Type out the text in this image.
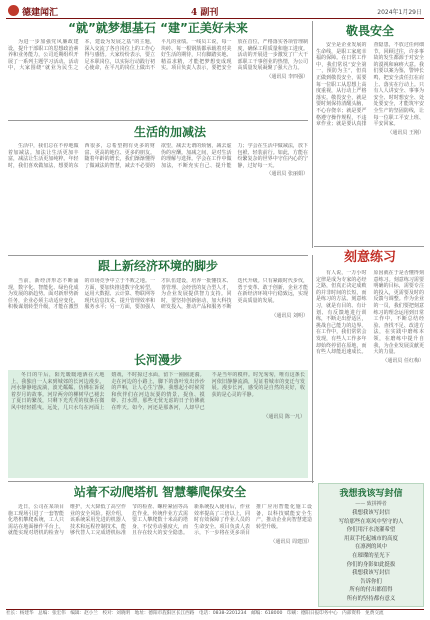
德建闻汇	4 副刊	2024年1月29日
“就”就梦想基石 “建”正美好未来

为进一步加强党风廉政建设，提升干部职工的思想政治素养和业务能力，公司近期组织开展了一系列主题学习活动。活动中，大家围绕“就业为民生之本，建设为发展之基”的主题，深入交流了各自岗位上的工作心得与感悟。大家纷纷表示，要立足本职岗位，以实际行动践行初心使命，在平凡的岗位上做出不平凡的业绩。一线员工说，每一块砖、每一根钢筋都承载着对美好生活的期待，只有脚踏实地、精益求精，才能把梦想变成现实。项目负责人表示，要把安全放在首位，严格落实各项管理制度，确保工程质量和施工进度。活动的开展进一步激发了广大干部职工干事创业的热情，为公司高质量发展凝聚了强大合力。

（通讯员 李四强）
敬畏安全

安全是企业发展的生命线，是职工家庭幸福的保障。在日常工作中，我们常说“安全第一，预防为主”，但真正做到敬畏安全，需要每一位职工从思想上高度重视，从行动上严格落实。敬畏安全，就是要时刻保持清醒头脑，不心存侥幸；就是要严格遵守操作规程，不违章作业；就是要认真排查隐患，不放过任何细节。回顾过往，许多事故的发生都源于对安全的漠视和麻痹大意。我们要以案为鉴，警钟长鸣，把安全责任扛在肩上、落实在行动上。只有人人讲安全、事事为安全、时时想安全、处处要安全，才能筑牢安全生产的坚固防线，让每一位职工平安上班、平安回家。

（通讯员 王刚）
生活的加减法

生活中，我们总在不停地做着加减法。加法让生活更加丰富，减法让生活更加纯粹。年轻时，我们喜欢做加法，想要的东西很多，总希望拥有更多的财富、更高的地位、更多的朋友。随着年龄的增长，我们渐渐懂得了做减法的智慧，减去不必要的欲望，减去无谓的烦恼，减去虚伪的应酬。加减之间，是对生活的理解与选择。学会在工作中做加法，不断充实自己、提升能力；学会在生活中做减法，放下包袱、轻装前行。如此，方能在纷繁复杂的世界中守住内心的宁静，过好每一天。

（通讯员 张丽娟）
刻意练习

有人说，一万小时定律是成为专家的必经之路，但真正决定成败的并非时间的长短，而是练习的方法。刻意练习，就是有目的、有计划、有反馈地进行训练，不断走出舒适区，挑战自己能力的边界。在工作中，我们常常会发现，有些人工作多年却始终停留在原地，而有些人却能迅速成长。原因就在于是否懂得刻意练习。刻意练习需要明确的目标，需要专注的投入，更需要及时的反馈与调整。作为企业的一员，我们要把刻意练习的理念运用到日常工作中，不断总结经验、查找不足、改进方法，在实践中磨练本领，在磨练中提升自我，为企业发展贡献更大的力量。

（通讯员 任红梅）
跟上新经济环境的脚步

当前，新经济形态不断涌现，数字化、智能化、绿色化成为发展的新趋势。面对新形势新任务，企业必须主动适应变化，积极谋划转型升级，才能在激烈的市场竞争中立于不败之地。一方面，要加快推进数字化转型，运用大数据、云计算、物联网等现代信息技术，提升管理效率和服务水平；另一方面，要加强人才队伍建设，培养一批懂技术、善管理、会经营的复合型人才，为企业发展提供智力支持。同时，要坚持创新驱动，加大科技研发投入，推动产品和服务不断迭代升级。只有紧跟时代步伐，勇于变革、敢于创新，企业才能在新经济环境中行稳致远，实现更高质量的发展。

（通讯员 刘明）
长河漫步

冬日的午后，阳光暖暖地洒在大地上，我独自一人来到城郊的长河边漫步。河水静静地流淌，波光粼粼，仿佛在诉说着岁月的故事。河岸两旁的柳树早已褪去了夏日的繁茂，只剩下光秃秃的枝条在微风中轻轻摇曳。远处，几只水鸟在河面上嬉戏，不时掠过水面，留下一圈圈涟漪。走在河边的小路上，脚下的落叶发出沙沙的声响，让人心生宁静。我想起小时候常和伙伴们在河边玩耍的情景，捉鱼、摸虾、打水漂，那些无忧无虑的日子仿佛就在昨天。如今，河还是那条河，人却早已不是当年的模样。时光匆匆，唯有这条长河依旧静静流淌，见证着城市的变迁与发展。漫步长河，感受的是自然的美好，收获的是心灵的平静。

（通讯员 陈一凡）
站着不动爬塔机 智慧攀爬保安全

近日，公司在某项目施工现场引进了一套智能化塔机攀爬系统，工人只需站在地面操作平台上，就能实现对塔机的检查与维护，大大降低了高空作业的安全风险。据介绍，该系统采用先进的机器人技术和远程控制技术，能够代替人工完成塔机标准节的检查、螺栓紧固等高危作业。传统作业方式需要工人攀爬数十米高的塔身，不仅劳动强度大，而且存在较大的安全隐患。新系统投入使用后，作业效率提高了三倍以上，同时有效保障了作业人员的生命安全。项目负责人表示，下一步将在更多项目推广应用智能化施工设备，以科技赋能安全生产，推动企业向智慧建造转型升级。

（通讯员 周建国）
我想我该写封信
—— 致拼搏者

我想我该写封信

写给那些在寒风中坚守的人

你们用汗水浇灌希望

用双手托起城市的高度

在凛冽的风中

在璀璨的星光下

你们的身影如此挺拔

我想我该写封信

告诉你们

所有的付出都值得

所有的坚持都有意义

社长：杨建华　总编：张宏伟　编辑：赵小兰　校对：刘晓明　地址：德阳市旌阳区长江西路　电话：0838-2201234　邮编：618000　印刷：德阳日报印务中心　内部资料　免费交流
